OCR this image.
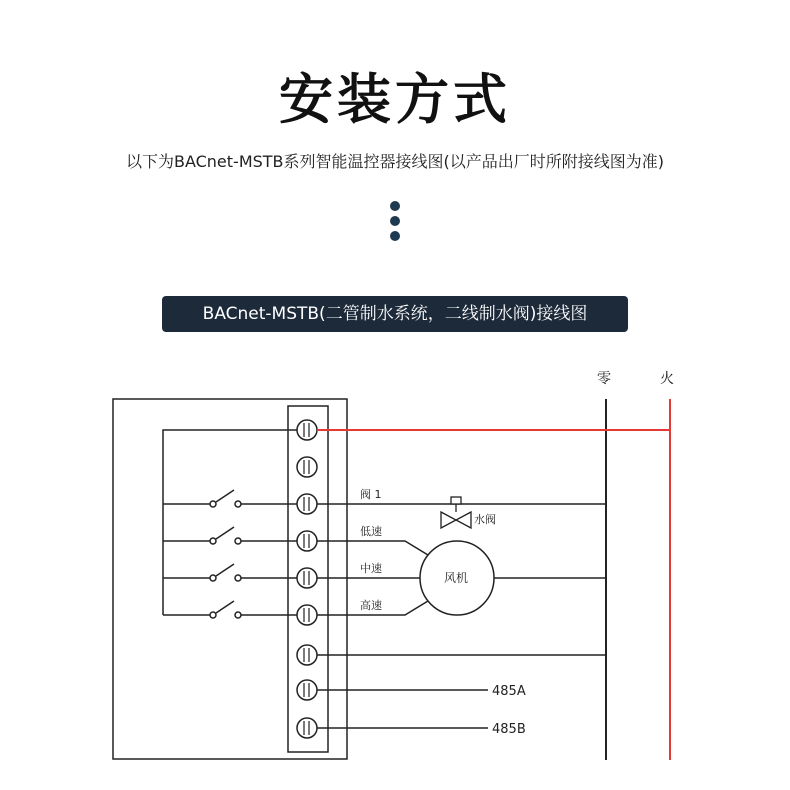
安装方式
以下为BACnet-MSTB系列智能温控器接线图(以产品出厂时所附接线图为准)
BACnet-MSTB(二管制水系统，二线制水阀)接线图
零	火
阀 1
水阀
低速
中速
高速
风机
485A
485B
